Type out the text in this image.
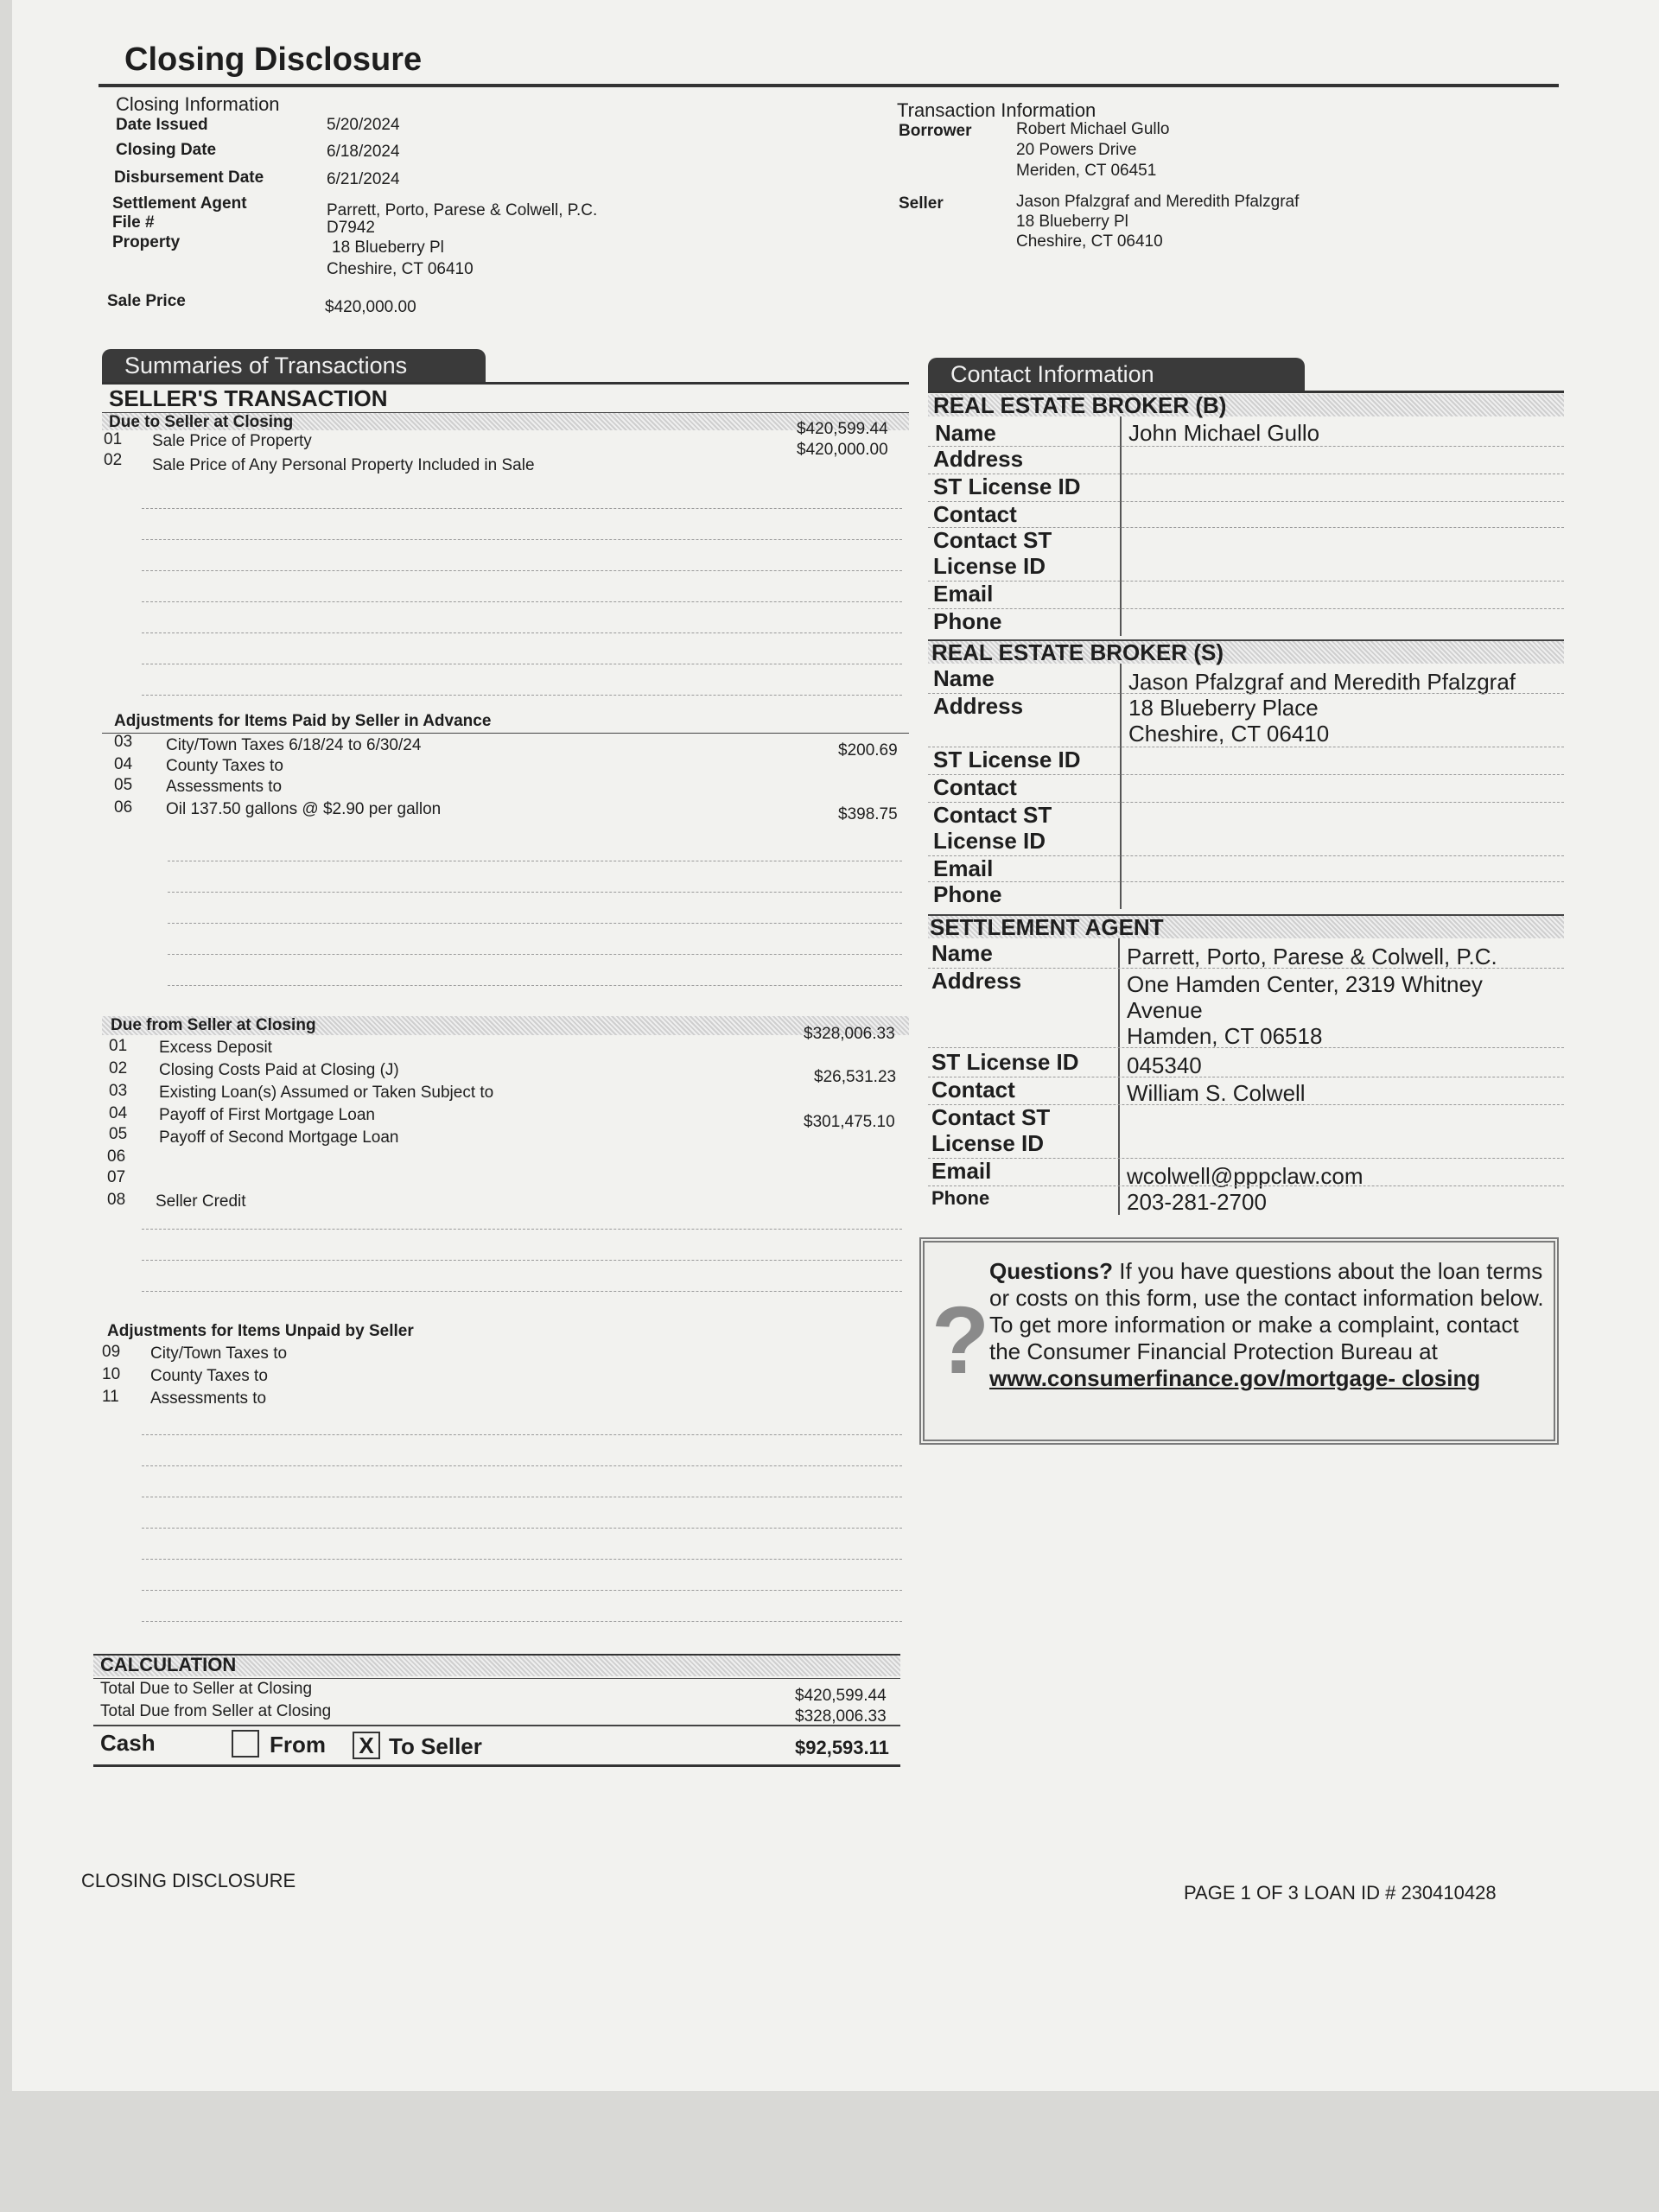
Closing Disclosure
Closing Information
Date Issued	5/20/2024
Closing Date	6/18/2024
Disbursement Date	6/21/2024
Settlement Agent	Parrett, Porto, Parese & Colwell, P.C.
File #	D7942
Property	18 Blueberry Pl
Cheshire, CT 06410
Sale Price	$420,000.00
Transaction Information
Borrower	Robert Michael Gullo
20 Powers Drive
Meriden, CT 06451
Seller	Jason Pfalzgraf and Meredith Pfalzgraf
18 Blueberry Pl
Cheshire, CT 06410
Summaries of Transactions
SELLER'S TRANSACTION
Due to Seller at Closing	$420,599.44
01 Sale Price of Property	$420,000.00
02 Sale Price of Any Personal Property Included in Sale
Adjustments for Items Paid by Seller in Advance
03 City/Town Taxes 6/18/24 to 6/30/24	$200.69
04 County Taxes to
05 Assessments to
06 Oil 137.50 gallons @ $2.90 per gallon	$398.75
Due from Seller at Closing	$328,006.33
01 Excess Deposit
02 Closing Costs Paid at Closing (J)	$26,531.23
03 Existing Loan(s) Assumed or Taken Subject to
04 Payoff of First Mortgage Loan	$301,475.10
05 Payoff of Second Mortgage Loan
06
07
08 Seller Credit
Adjustments for Items Unpaid by Seller
09 City/Town Taxes to
10 County Taxes to
11 Assessments to
CALCULATION
Total Due to Seller at Closing	$420,599.44
Total Due from Seller at Closing	$328,006.33
Cash	From X To Seller	$92,593.11
Contact Information
REAL ESTATE BROKER (B)
Name	John Michael Gullo
Address
ST License ID
Contact
Contact ST
License ID
Email
Phone
REAL ESTATE BROKER (S)
Name	Jason Pfalzgraf and Meredith Pfalzgraf
Address	18 Blueberry Place
Cheshire, CT 06410
ST License ID
Contact
Contact ST
License ID
Email
Phone
SETTLEMENT AGENT
Name	Parrett, Porto, Parese & Colwell, P.C.
Address	One Hamden Center, 2319 Whitney
Avenue
Hamden, CT 06518
ST License ID 045340
Contact	William S. Colwell
Contact ST
License ID
Email	wcolwell@pppclaw.com
Phone	203-281-2700
?
Questions? If you have questions about the loan terms or costs on this form, use the contact information below. To get more information or make a complaint, contact the Consumer Financial Protection Bureau at www.consumerfinance.gov/mortgage- closing
CLOSING DISCLOSURE
PAGE 1 OF 3 LOAN ID # 230410428
